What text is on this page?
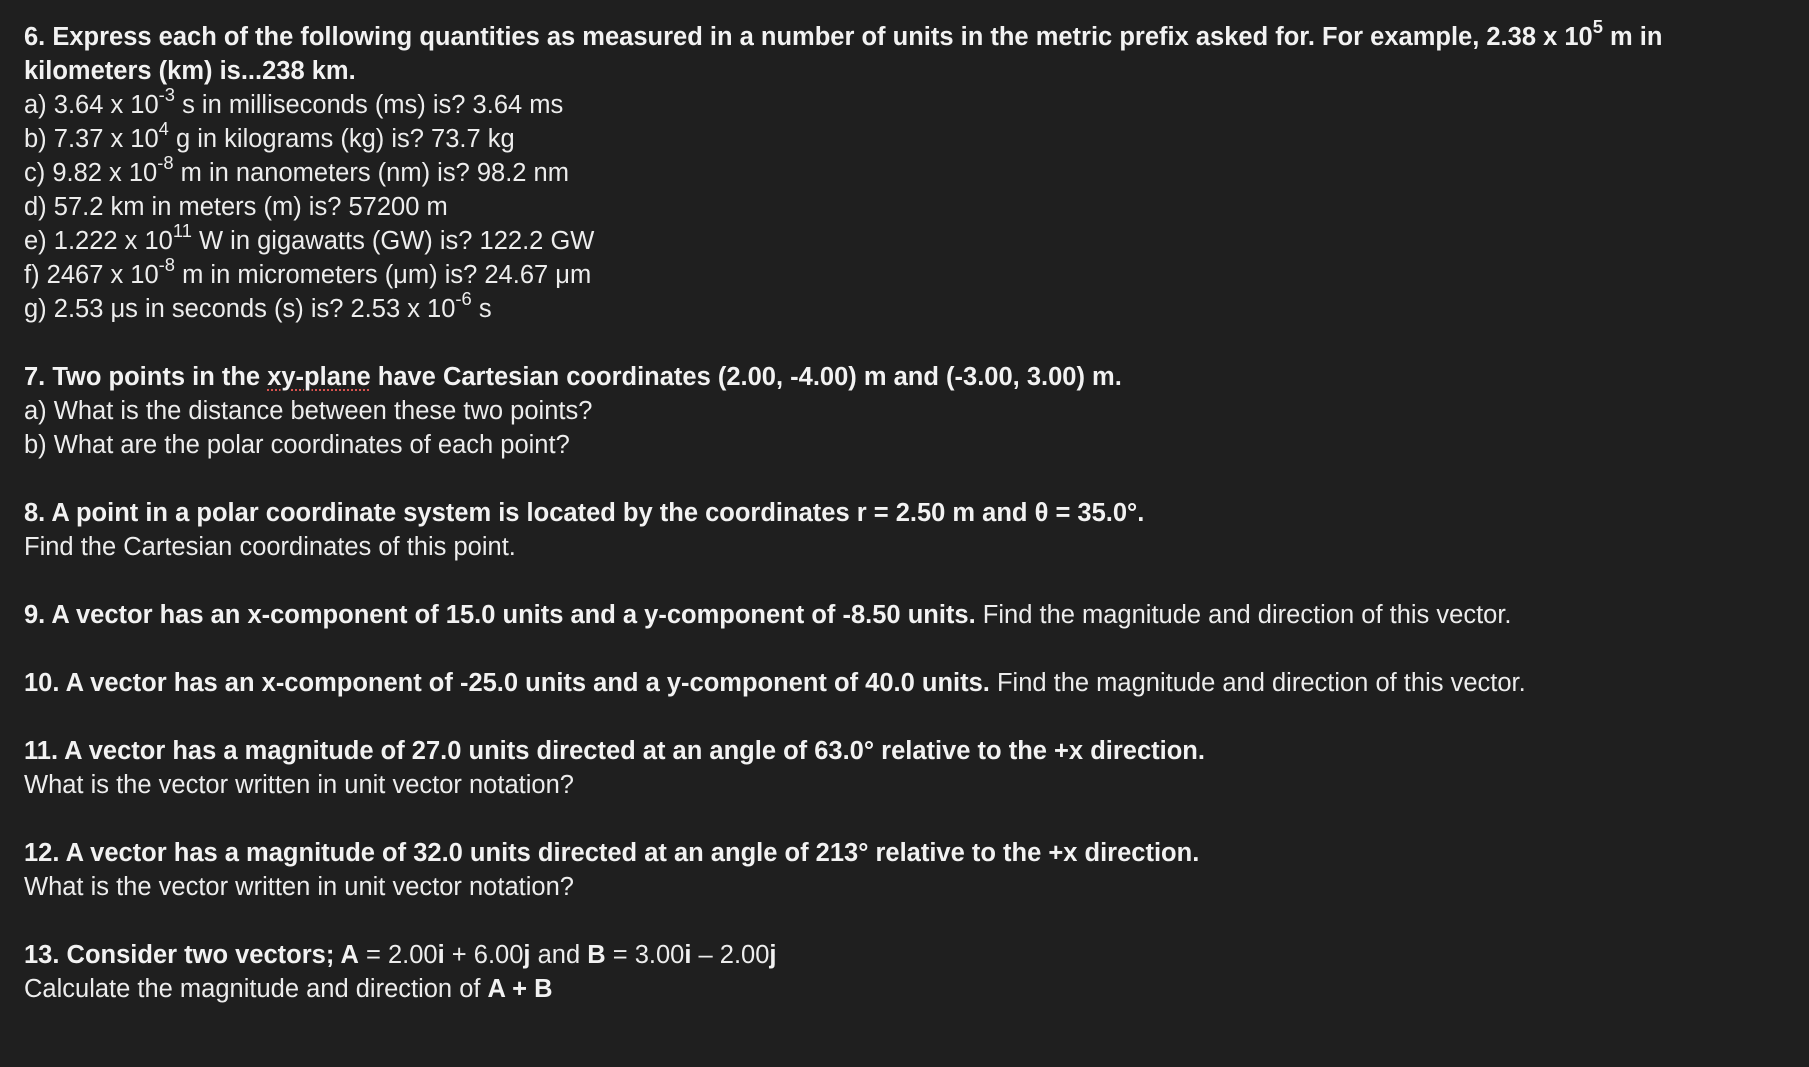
6. Express each of the following quantities as measured in a number of units in the metric prefix asked for. For example, 2.38 x $10^5$ m in kilometers (km) is...238 km.
a) 3.64 x $10^{-3}$ s in milliseconds (ms) is? 3.64 ms
b) 7.37 x $10^4$ g in kilograms (kg) is? 73.7 kg
c) 9.82 x $10^{-8}$ m in nanometers (nm) is? 98.2 nm
d) 57.2 km in meters (m) is? 57200 m
e) 1.222 x $10^{11}$ W in gigawatts (GW) is? 122.2 GW
f) 2467 x $10^{-8}$ m in micrometers (μm) is? 24.67 μm
g) 2.53 μs in seconds (s) is? 2.53 x $10^{-6}$ s
7. Two points in the xy-plane have Cartesian coordinates (2.00, -4.00) m and (-3.00, 3.00) m.
a) What is the distance between these two points?
b) What are the polar coordinates of each point?
8. A point in a polar coordinate system is located by the coordinates r = 2.50 m and θ = 35.0°.
Find the Cartesian coordinates of this point.
9. A vector has an x-component of 15.0 units and a y-component of -8.50 units. Find the magnitude and direction of this vector.
10. A vector has an x-component of -25.0 units and a y-component of 40.0 units. Find the magnitude and direction of this vector.
11. A vector has a magnitude of 27.0 units directed at an angle of 63.0° relative to the +x direction.
What is the vector written in unit vector notation?
12. A vector has a magnitude of 32.0 units directed at an angle of 213° relative to the +x direction.
What is the vector written in unit vector notation?
13. Consider two vectors; A = 2.00i + 6.00j and B = 3.00i – 2.00j
Calculate the magnitude and direction of A + B
